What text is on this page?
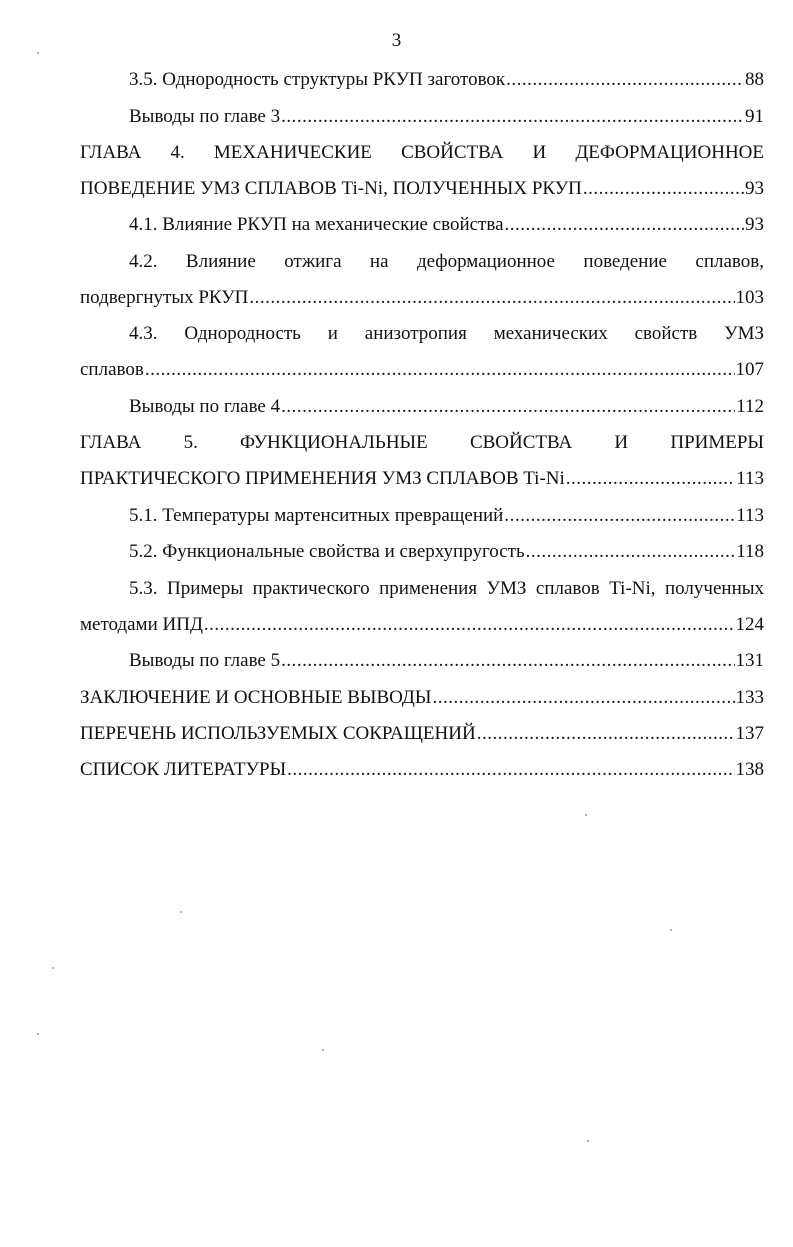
3
3.5. Однородность структуры РКУП заготовок .....	88
Выводы по главе 3 .....	91
ГЛАВА 4. МЕХАНИЧЕСКИЕ СВОЙСТВА И ДЕФОРМАЦИОННОЕ
ПОВЕДЕНИЕ УМЗ СПЛАВОВ Ti-Ni, ПОЛУЧЕННЫХ РКУП .....	93
4.1. Влияние РКУП на механические свойства .....	93
4.2. Влияние отжига на деформационное поведение сплавов,
подвергнутых РКУП .....	103
4.3. Однородность и анизотропия механических свойств УМЗ
сплавов .....	107
Выводы по главе 4 .....	112
ГЛАВА 5. ФУНКЦИОНАЛЬНЫЕ СВОЙСТВА И ПРИМЕРЫ
ПРАКТИЧЕСКОГО ПРИМЕНЕНИЯ УМЗ СПЛАВОВ Ti-Ni .....	113
5.1. Температуры мартенситных превращений .....	113
5.2. Функциональные свойства и сверхупругость .....	118
5.3. Примеры практического применения УМЗ сплавов Ti-Ni, полученных
методами ИПД .....	124
Выводы по главе 5 .....	131
ЗАКЛЮЧЕНИЕ И ОСНОВНЫЕ ВЫВОДЫ .....	133
ПЕРЕЧЕНЬ ИСПОЛЬЗУЕМЫХ СОКРАЩЕНИЙ .....	137
СПИСОК ЛИТЕРАТУРЫ .....	138
